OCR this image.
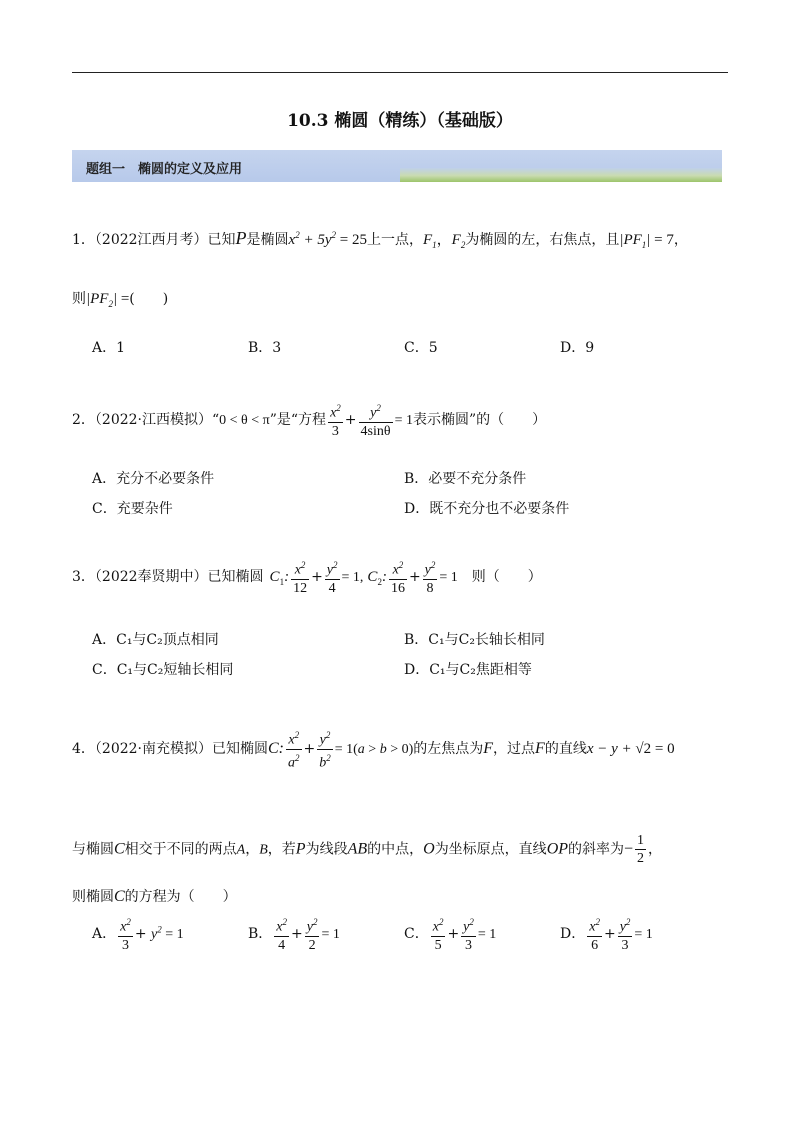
10.3 椭圆（精练）（基础版）
题组一　椭圆的定义及应用
1．（2022江西月考）已知P是椭圆$x^2 + 5y^2 = 25$上一点，$F_1$，$F_2$为椭圆的左，右焦点，且$|PF_1| = 7$，
则$|PF_2|$ =(　　)
A．1	B．3	C．5	D．9
2．（2022·江西模拟）“0 < θ < π”是“方程 $\frac{x^2}{3} + \frac{y^2}{4\sin\theta} = 1$表示椭圆”的（　　）
A．充分不必要条件	B．必要不充分条件
C．充要杂件	D．既不充分也不必要条件
3．（2022奉贤期中）已知椭圆 $C_1$: $\frac{x^2}{12} + \frac{y^2}{4} = 1$, $C_2$: $\frac{x^2}{16} + \frac{y^2}{8} = 1$ 则（　　）
A．C₁与C₂顶点相同	B．C₁与C₂长轴长相同
C．C₁与C₂短轴长相同	D．C₁与C₂焦距相等
4．（2022·南充模拟）已知椭圆C: $\frac{x^2}{a^2} + \frac{y^2}{b^2} = 1(a > b > 0)$的左焦点为F，过点F的直线x − y + √2 = 0
与椭圆C相交于不同的两点A，B，若P为线段AB的中点，O为坐标原点，直线OP的斜率为− $\frac{1}{2}$ ，
则椭圆C的方程为（　　）
A． $\frac{x^2}{3} + y^2 = 1$	B． $\frac{x^2}{4} + \frac{y^2}{2} = 1$	C． $\frac{x^2}{5} + \frac{y^2}{3} = 1$	D． $\frac{x^2}{6} + \frac{y^2}{3} = 1$
